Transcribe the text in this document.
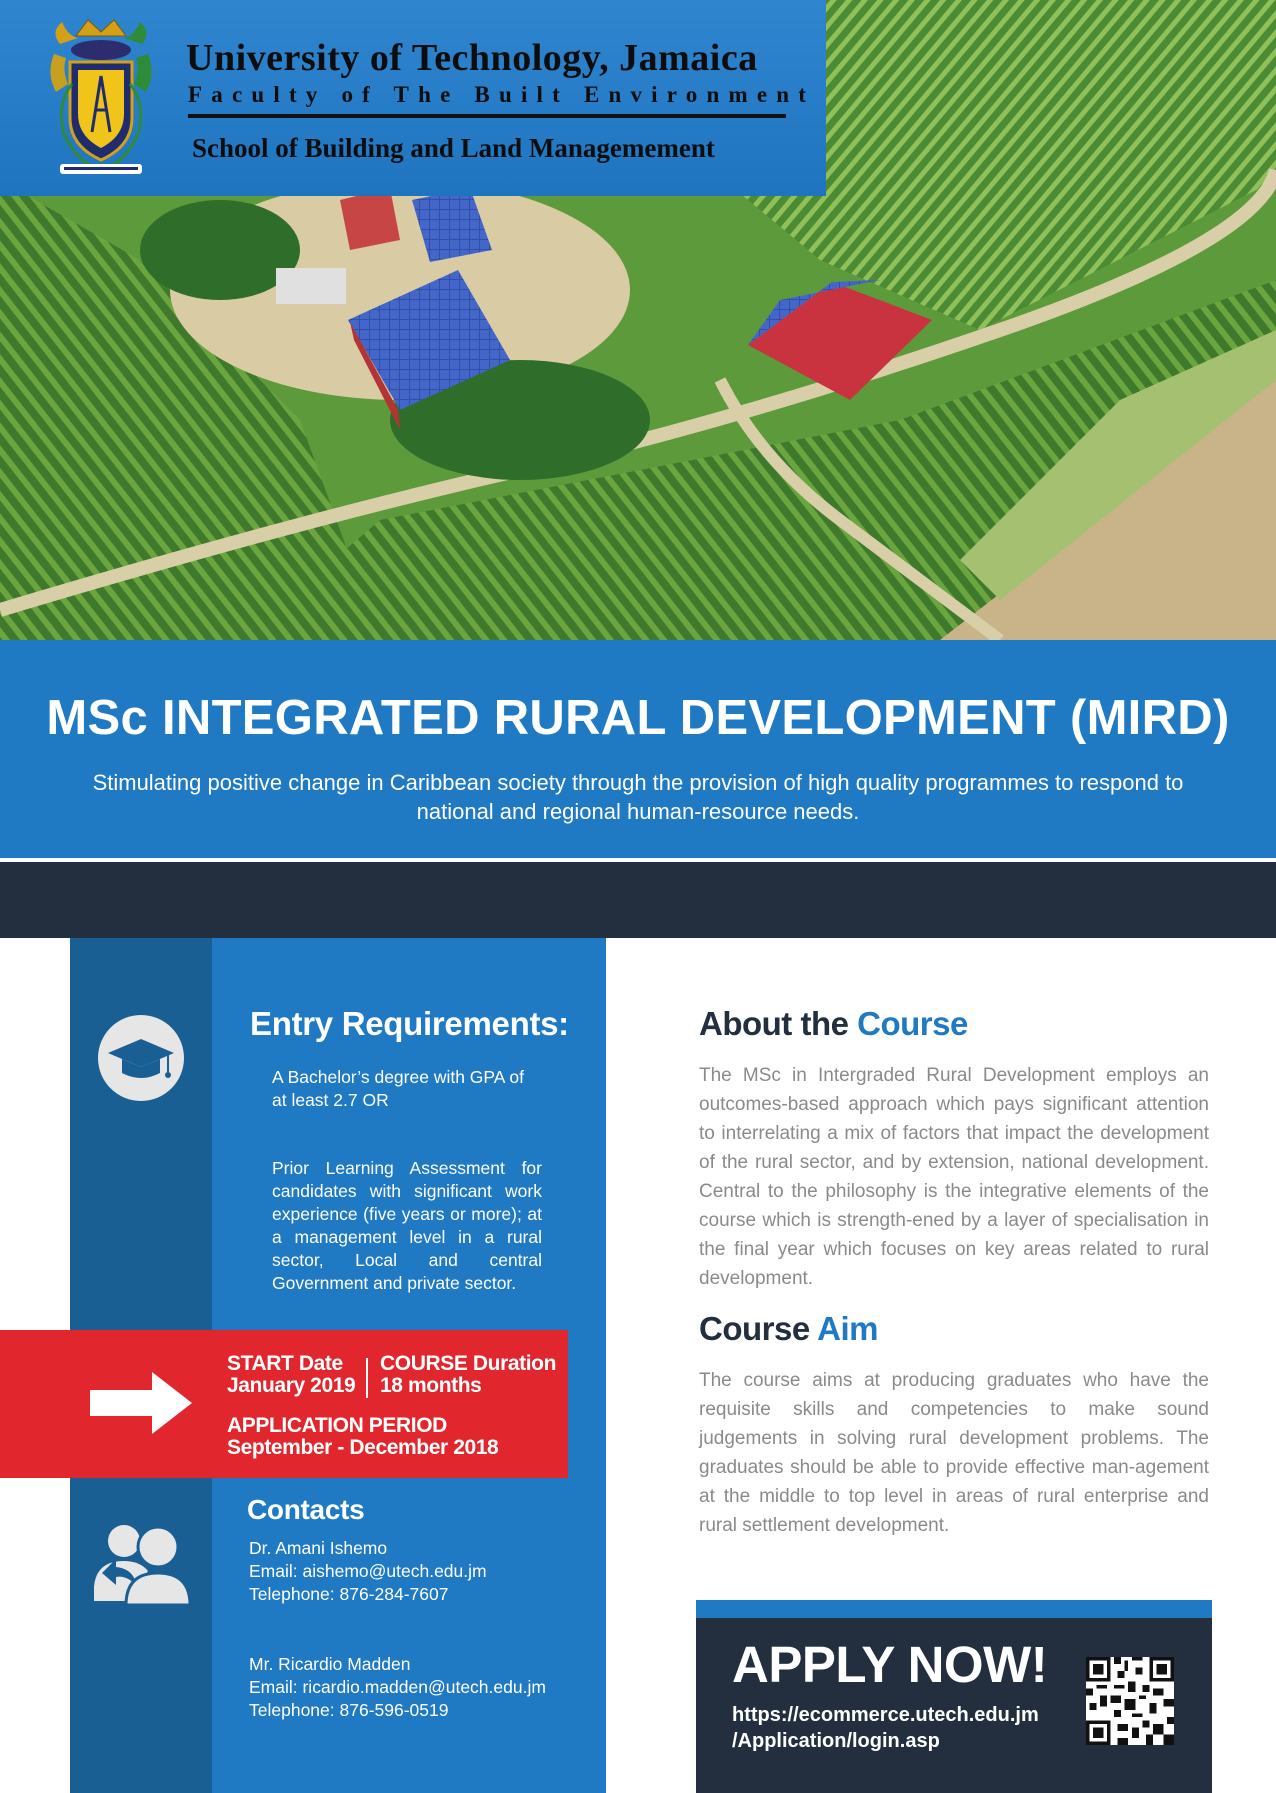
University of Technology, Jamaica
Faculty of The Built Environment
School of Building and Land Managemement
MSc INTEGRATED RURAL DEVELOPMENT (MIRD)
Stimulating positive change in Caribbean society through the provision of high quality programmes to respond to national and regional human-resource needs.
Entry Requirements:
A Bachelor’s degree with GPA of at least 2.7 OR
Prior Learning Assessment for candidates with significant work experience (five years or more); at a management level in a rural sector, Local and central Government and private sector.
START Date
January 2019
COURSE Duration
18 months
APPLICATION PERIOD
September - December 2018
Contacts
Dr. Amani Ishemo
Email: aishemo@utech.edu.jm
Telephone: 876-284-7607
Mr. Ricardio Madden
Email: ricardio.madden@utech.edu.jm
Telephone: 876-596-0519
About the Course
The MSc in Intergraded Rural Development employs an outcomes-based approach which pays significant attention to interrelating a mix of factors that impact the development of the rural sector, and by extension, national development. Central to the philosophy is the integrative elements of the course which is strength-ened by a layer of specialisation in the final year which focuses on key areas related to rural development.
Course Aim
The course aims at producing graduates who have the requisite skills and competencies to make sound judgements in solving rural development problems. The graduates should be able to provide effective man-agement at the middle to top level in areas of rural enterprise and rural settlement development.
APPLY NOW!
https://ecommerce.utech.edu.jm
/Application/login.asp
